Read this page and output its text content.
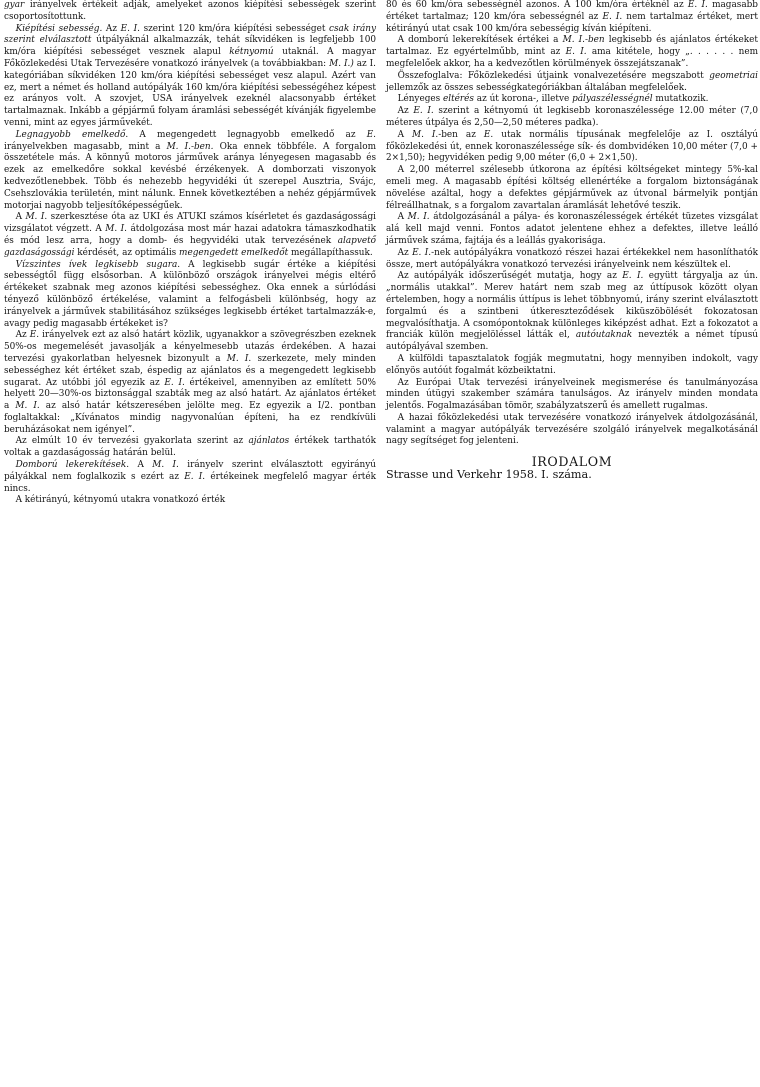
gyar irányelvek értékeit adják, amelyeket azonos kiépítési sebességek szerint csoportosítottunk.

Kiépítési sebesség. Az E. I. szerint 120 km/óra kiépítési sebességet csak irány szerint elválasztott útpályáknál alkalmazzák, tehát síkvidéken is legfeljebb 100 km/óra kiépítési sebességet vesznek alapul kétnyomú utaknál. A magyar Főközlekedési Utak Tervezésére vonatkozó irányelvek (a továbbiakban: M. I.) az I. kategóriában síkvidéken 120 km/óra kiépítési sebességet vesz alapul. Azért van ez, mert a német és holland autópályák 160 km/óra kiépítési sebességéhez képest ez arányos volt. A szovjet, USA irányelvek ezeknél alacsonyabb értéket tartalmaznak. Inkább a gépjármű folyam áramlási sebességét kívánják figyelembe venni, mint az egyes járművekét.

Legnagyobb emelkedő. A megengedett legnagyobb emelkedő az E. irányelvekben magasabb, mint a M. I.-ben. Oka ennek többféle. A forgalom összetétele más. A könnyű motoros járművek aránya lényegesen magasabb és ezek az emelkedőre sokkal kevésbé érzékenyek. A domborzati viszonyok kedvezőtlenebbek. Több és nehezebb hegyvidéki út szerepel Ausztria, Svájc, Csehszlovákia területén, mint nálunk. Ennek következtében a nehéz gépjárművek motorjai nagyobb teljesítőképességűek.

A M. I. szerkesztése óta az UKI és ATUKI számos kísérletet és gazdaságossági vizsgálatot végzett. A M. I. átdolgozása most már hazai adatokra támaszkodhatik és mód lesz arra, hogy a domb- és hegyvidéki utak tervezésének alapvető gazdaságossági kérdését, az optimális megengedett emelkedőt megállapíthassuk.

Vízszintes ívek legkisebb sugara. A legkisebb sugár értéke a kiépítési sebességtől függ elsősorban. A különböző országok irányelvei mégis eltérő értékeket szabnak meg azonos kiépítési sebességhez. Oka ennek a súrlódási tényező különböző értékelése, valamint a felfogásbeli különbség, hogy az irányelvek a járművek stabilitásához szükséges legkisebb értéket tartalmazzák-e, avagy pedig magasabb értékeket is?

Az E. irányelvek ezt az alsó határt közlik, ugyanakkor a szövegrészben ezeknek 50%-os megemelését javasolják a kényelmesebb utazás érdekében. A hazai tervezési gyakorlatban helyesnek bizonyult a M. I. szerkezete, mely minden sebességhez két értéket szab, éspedig az ajánlatos és a megengedett legkisebb sugarat. Az utóbbi jól egyezik az E. I. értékeivel, amennyiben az említett 50% helyett 20—30%-os biztonsággal szabták meg az alsó határt. Az ajánlatos értéket a M. I. az alsó határ kétszeresében jelölte meg. Ez egyezik a I/2. pontban foglaltakkal: „Kívánatos mindig nagyvonalúan építeni, ha ez rendkívüli beruházásokat nem igényel”.

Az elmúlt 10 év tervezési gyakorlata szerint az ajánlatos értékek tarthatók voltak a gazdaságosság határán belül.

Domború lekerekítések. A M. I. irányelv szerint elválasztott egyirányú pályákkal nem foglalkozik s ezért az E. I. értékeinek megfelelő magyar érték nincs.

A kétirányú, kétnyomú utakra vonatkozó érték

80 és 60 km/óra sebességnél azonos. A 100 km/óra értéknél az E. I. magasabb értéket tartalmaz; 120 km/óra sebességnél az E. I. nem tartalmaz értéket, mert kétirányú utat csak 100 km/óra sebességig kíván kiépíteni.

A domború lekerekítések értékei a M. I.-ben legkisebb és ajánlatos értékeket tartalmaz. Ez egyértelműbb, mint az E. I. ama kitétele, hogy „. . . . . . nem megfelelőek akkor, ha a kedvezőtlen körülmények összejátszanak”.

Összefoglalva: Főközlekedési útjaink vonalvezetésére megszabott geometriai jellemzők az összes sebességkategóriákban általában megfelelőek.

Lényeges eltérés az út korona-, illetve pályaszélességnél mutatkozik.

Az E. I. szerint a kétnyomú út legkisebb koronaszélessége 12.00 méter (7,0 méteres útpálya és 2,50—2,50 méteres padka).

A M. I.-ben az E. utak normális típusának megfelelője az I. osztályú főközlekedési út, ennek koronaszélessége sík- és dombvidéken 10,00 méter (7,0 + 2×1,50); hegyvidéken pedig 9,00 méter (6,0 + 2×1,50).

A 2,00 méterrel szélesebb útkorona az építési költségeket mintegy 5%-kal emeli meg. A magasabb építési költség ellenértéke a forgalom biztonságának növelése azáltal, hogy a defektes gépjárművek az útvonal bármelyik pontján félreállhatnak, s a forgalom zavartalan áramlását lehetővé teszik.

A M. I. átdolgozásánál a pálya- és koronaszélességek értékét tüzetes vizsgálat alá kell majd venni. Fontos adatot jelentene ehhez a defektes, illetve leálló járművek száma, fajtája és a leállás gyakorisága.

Az E. I.-nek autópályákra vonatkozó részei hazai értékekkel nem hasonlíthatók össze, mert autópályákra vonatkozó tervezési irányelveink nem készültek el.

Az autópályák időszerűségét mutatja, hogy az E. I. együtt tárgyalja az ún. „normális utakkal”. Merev határt nem szab meg az úttípusok között olyan értelemben, hogy a normális úttípus is lehet többnyomú, irány szerint elválasztott forgalmú és a szintbeni útkereszteződések kiküszöbölését fokozatosan megvalósíthatja. A csomópontoknak különleges kiképzést adhat. Ezt a fokozatot a franciák külön megjelöléssel látták el, autóutaknak nevezték a német típusú autópályával szemben.

A külföldi tapasztalatok fogják megmutatni, hogy mennyiben indokolt, vagy előnyös autóút fogalmát közbeiktatni.

Az Európai Utak tervezési irányelveinek megismerése és tanulmányozása minden útügyi szakember számára tanulságos. Az irányelv minden mondata jelentős. Fogalmazásában tömör, szabályzatszerű és amellett rugalmas.

A hazai főközlekedési utak tervezésére vonatkozó irányelvek átdolgozásánál, valamint a magyar autópályák tervezésére szolgáló irányelvek megalkotásánál nagy segítséget fog jelenteni.

IRODALOM

Strasse und Verkehr 1958. I. száma.
